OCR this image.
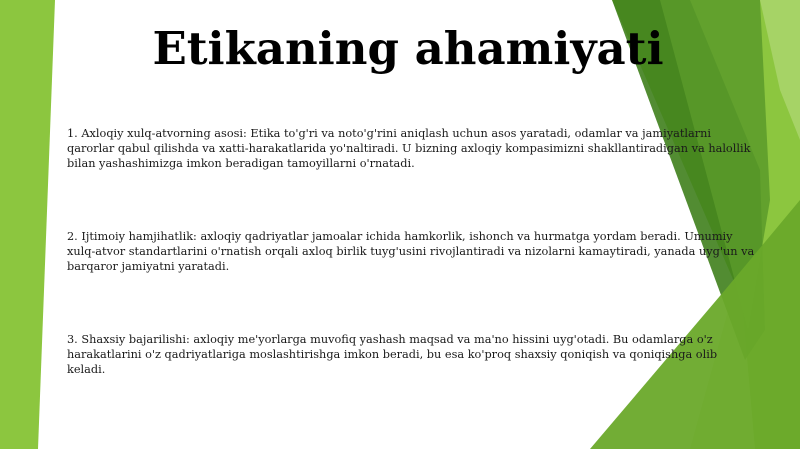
Etikaning ahamiyati

1. Axloqiy xulq-atvorning asosi: Etika to'g'ri va noto'g'rini aniqlash uchun asos yaratadi, odamlar va jamiyatlarni qarorlar qabul qilishda va xatti-harakatlarida yo'naltiradi. U bizning axloqiy kompasimizni shakllantiradigan va halollik bilan yashashimizga imkon beradigan tamoyillarni o'rnatadi.

2. Ijtimoiy hamjihatlik: axloqiy qadriyatlar jamoalar ichida hamkorlik, ishonch va hurmatga yordam beradi. Umumiy xulq-atvor standartlarini o'rnatish orqali axloq birlik tuyg'usini rivojlantiradi va nizolarni kamaytiradi, yanada uyg'un va barqaror jamiyatni yaratadi.

3. Shaxsiy bajarilishi: axloqiy me'yorlarga muvofiq yashash maqsad va ma'no hissini uyg'otadi. Bu odamlarga o'z harakatlarini o'z qadriyatlariga moslashtirishga imkon beradi, bu esa ko'proq shaxsiy qoniqish va qoniqishga olib keladi.
